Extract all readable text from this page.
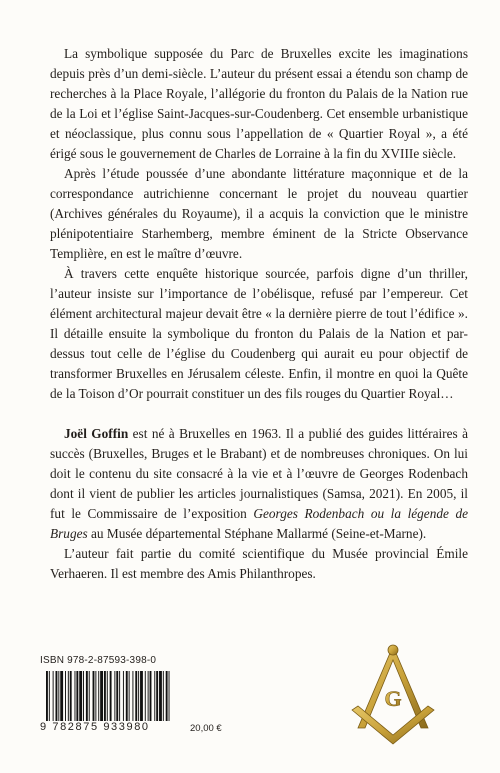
La symbolique supposée du Parc de Bruxelles excite les imaginations depuis près d’un demi-siècle. L’auteur du présent essai a étendu son champ de recherches à la Place Royale, l’allégorie du fronton du Palais de la Nation rue de la Loi et l’église Saint-Jacques-sur-Coudenberg. Cet ensemble urbanistique et néoclassique, plus connu sous l’appellation de « Quartier Royal », a été érigé sous le gouvernement de Charles de Lorraine à la fin du XVIIIe siècle.

Après l’étude poussée d’une abondante littérature maçonnique et de la correspondance autrichienne concernant le projet du nouveau quartier (Archives générales du Royaume), il a acquis la conviction que le ministre plénipotentiaire Starhemberg, membre éminent de la Stricte Observance Templière, en est le maître d’œuvre.

À travers cette enquête historique sourcée, parfois digne d’un thriller, l’auteur insiste sur l’importance de l’obélisque, refusé par l’empereur. Cet élément architectural majeur devait être « la dernière pierre de tout l’édifice ». Il détaille ensuite la symbolique du fronton du Palais de la Nation et par-dessus tout celle de l’église du Coudenberg qui aurait eu pour objectif de transformer Bruxelles en Jérusalem céleste. Enfin, il montre en quoi la Quête de la Toison d’Or pourrait constituer un des fils rouges du Quartier Royal…

Joël Goffin est né à Bruxelles en 1963. Il a publié des guides littéraires à succès (Bruxelles, Bruges et le Brabant) et de nombreuses chroniques. On lui doit le contenu du site consacré à la vie et à l’œuvre de Georges Rodenbach dont il vient de publier les articles journalistiques (Samsa, 2021). En 2005, il fut le Commissaire de l’exposition Georges Rodenbach ou la légende de Bruges au Musée départemental Stéphane Mallarmé (Seine-et-Marne).

L’auteur fait partie du comité scientifique du Musée provincial Émile Verhaeren. Il est membre des Amis Philanthropes.

ISBN 978-2-87593-398-0
9 782875 933980	20,00 €
G
